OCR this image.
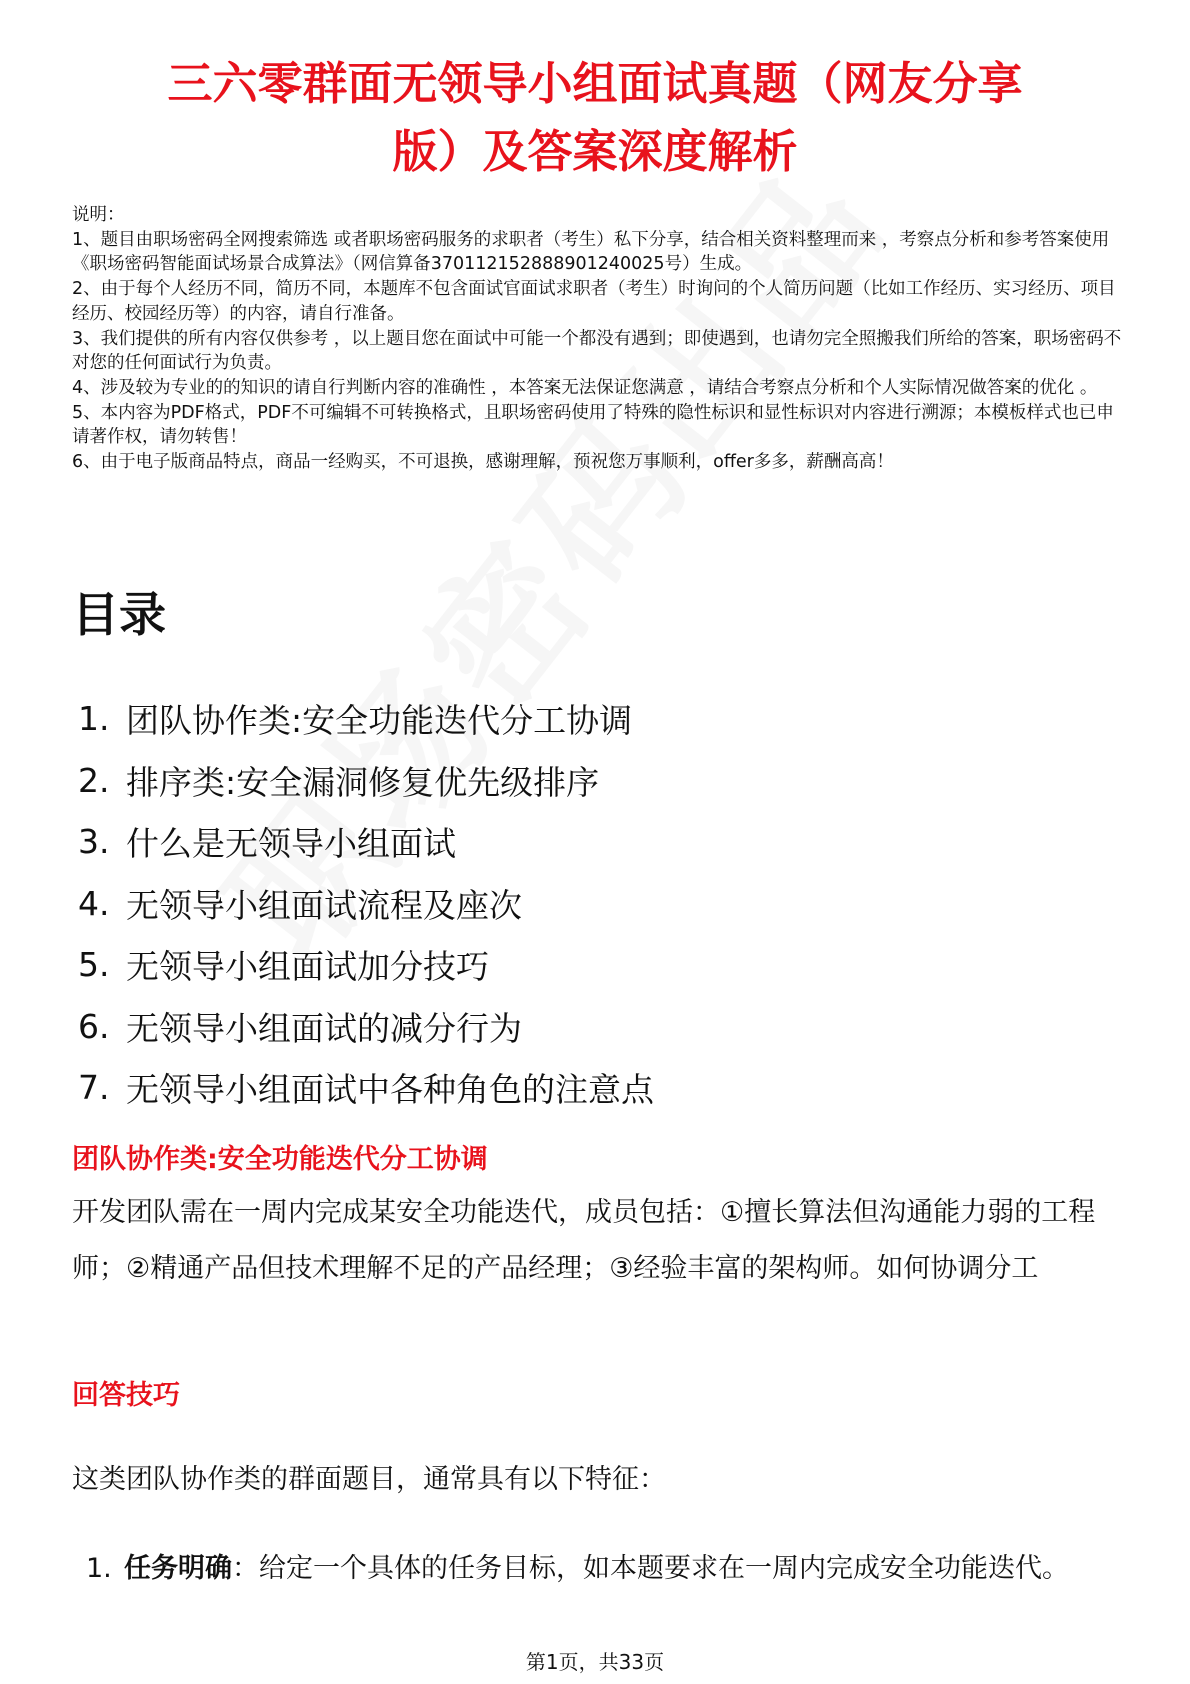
三六零群面无领导小组面试真题（网友分享
版）及答案深度解析
说明：
1、题目由职场密码全网搜索筛选 或者职场密码服务的求职者（考生）私下分享，结合相关资料整理而来 ，考察点分析和参考答案使用《职场密码智能面试场景合成算法》（网信算备370112152888901240025号）生成。
2、由于每个人经历不同，简历不同，本题库不包含面试官面试求职者（考生）时询问的个人简历问题（比如工作经历、实习经历、项目经历、校园经历等）的内容，请自行准备。
3、我们提供的所有内容仅供参考 ，以上题目您在面试中可能一个都没有遇到；即使遇到，也请勿完全照搬我们所给的答案，职场密码不对您的任何面试行为负责。
4、涉及较为专业的的知识的请自行判断内容的准确性 ，本答案无法保证您满意 ，请结合考察点分析和个人实际情况做答案的优化 。
5、本内容为PDF格式，PDF不可编辑不可转换格式，且职场密码使用了特殊的隐性标识和显性标识对内容进行溯源；本模板样式也已申请著作权，请勿转售！
6、由于电子版商品特点，商品一经购买，不可退换，感谢理解，预祝您万事顺利，offer多多，薪酬高高！
目录
1. 团队协作类:安全功能迭代分工协调
2. 排序类:安全漏洞修复优先级排序
3. 什么是无领导小组面试
4. 无领导小组面试流程及座次
5. 无领导小组面试加分技巧
6. 无领导小组面试的减分行为
7. 无领导小组面试中各种角色的注意点
团队协作类:安全功能迭代分工协调
开发团队需在一周内完成某安全功能迭代，成员包括：①擅长算法但沟通能力弱的工程师；②精通产品但技术理解不足的产品经理；③经验丰富的架构师。如何协调分工
回答技巧
这类团队协作类的群面题目，通常具有以下特征：
1. 任务明确：给定一个具体的任务目标，如本题要求在一周内完成安全功能迭代。
第1页，共33页
